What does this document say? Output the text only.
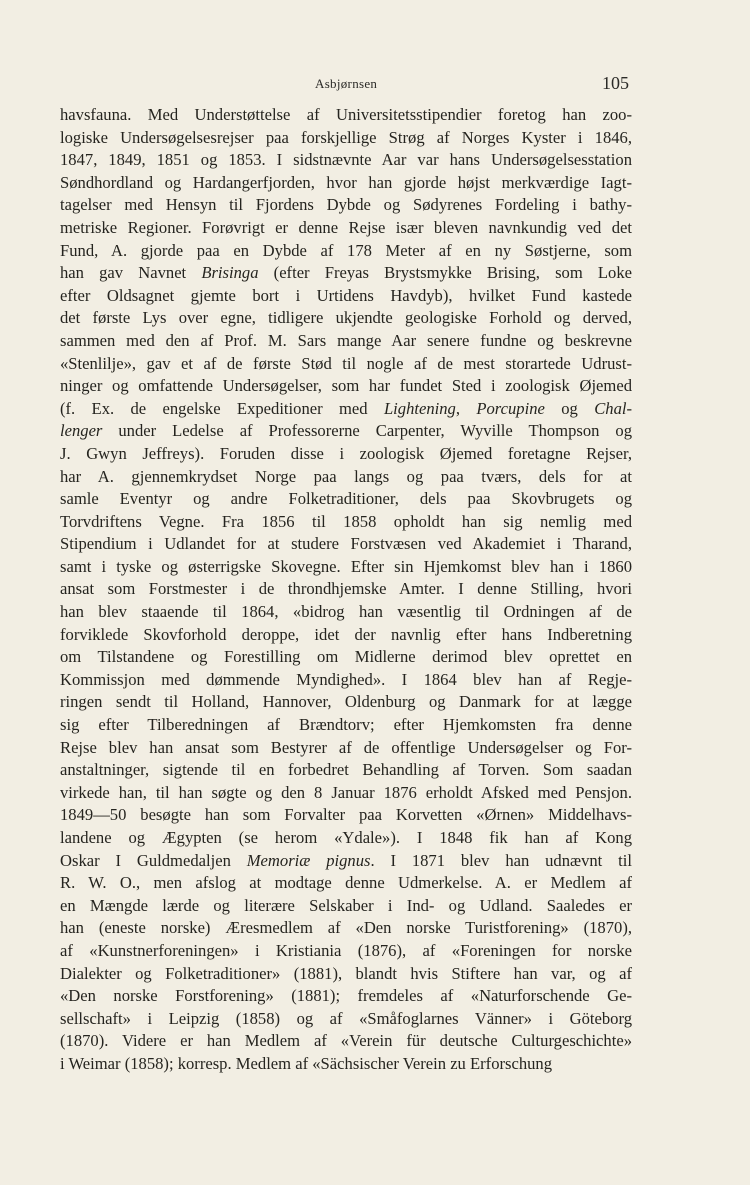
Asbjørnsen	105
havsfauna. Med Understøttelse af Universitetsstipendier foretog han zoo-
logiske Undersøgelsesrejser paa forskjellige Strøg af Norges Kyster i 1846,
1847, 1849, 1851 og 1853. I sidstnævnte Aar var hans Undersøgelsesstation
Søndhordland og Hardangerfjorden, hvor han gjorde højst merkværdige Iagt-
tagelser med Hensyn til Fjordens Dybde og Sødyrenes Fordeling i bathy-
metriske Regioner. Forøvrigt er denne Rejse især bleven navnkundig ved det
Fund, A. gjorde paa en Dybde af 178 Meter af en ny Søstjerne, som
han gav Navnet Brisinga (efter Freyas Brystsmykke Brising, som Loke
efter Oldsagnet gjemte bort i Urtidens Havdyb), hvilket Fund kastede
det første Lys over egne, tidligere ukjendte geologiske Forhold og derved,
sammen med den af Prof. M. Sars mange Aar senere fundne og beskrevne
«Stenlilje», gav et af de første Stød til nogle af de mest storartede Udrust-
ninger og omfattende Undersøgelser, som har fundet Sted i zoologisk Øjemed
(f. Ex. de engelske Expeditioner med Lightening, Porcupine og Chal-
lenger under Ledelse af Professorerne Carpenter, Wyville Thompson og
J. Gwyn Jeffreys). Foruden disse i zoologisk Øjemed foretagne Rejser,
har A. gjennemkrydset Norge paa langs og paa tværs, dels for at
samle Eventyr og andre Folketraditioner, dels paa Skovbrugets og
Torvdriftens Vegne. Fra 1856 til 1858 opholdt han sig nemlig med
Stipendium i Udlandet for at studere Forstvæsen ved Akademiet i Tharand,
samt i tyske og østerrigske Skovegne. Efter sin Hjemkomst blev han i 1860
ansat som Forstmester i de throndhjemske Amter. I denne Stilling, hvori
han blev staaende til 1864, «bidrog han væsentlig til Ordningen af de
forviklede Skovforhold deroppe, idet der navnlig efter hans Indberetning
om Tilstandene og Forestilling om Midlerne derimod blev oprettet en
Kommissjon med dømmende Myndighed». I 1864 blev han af Regje-
ringen sendt til Holland, Hannover, Oldenburg og Danmark for at lægge
sig efter Tilberedningen af Brændtorv; efter Hjemkomsten fra denne
Rejse blev han ansat som Bestyrer af de offentlige Undersøgelser og For-
anstaltninger, sigtende til en forbedret Behandling af Torven. Som saadan
virkede han, til han søgte og den 8 Januar 1876 erholdt Afsked med Pensjon.
1849—50 besøgte han som Forvalter paa Korvetten «Ørnen» Middelhavs-
landene og Ægypten (se herom «Ydale»). I 1848 fik han af Kong
Oskar I Guldmedaljen Memoriæ pignus. I 1871 blev han udnævnt til
R. W. O., men afslog at modtage denne Udmerkelse. A. er Medlem af
en Mængde lærde og literære Selskaber i Ind- og Udland. Saaledes er
han (eneste norske) Æresmedlem af «Den norske Turistforening» (1870),
af «Kunstnerforeningen» i Kristiania (1876), af «Foreningen for norske
Dialekter og Folketraditioner» (1881), blandt hvis Stiftere han var, og af
«Den norske Forstforening» (1881); fremdeles af «Naturforschende Ge-
sellschaft» i Leipzig (1858) og af «Småfoglarnes Vänner» i Göteborg
(1870). Videre er han Medlem af «Verein für deutsche Culturgeschichte»
i Weimar (1858); korresp. Medlem af «Sächsischer Verein zu Erforschung
